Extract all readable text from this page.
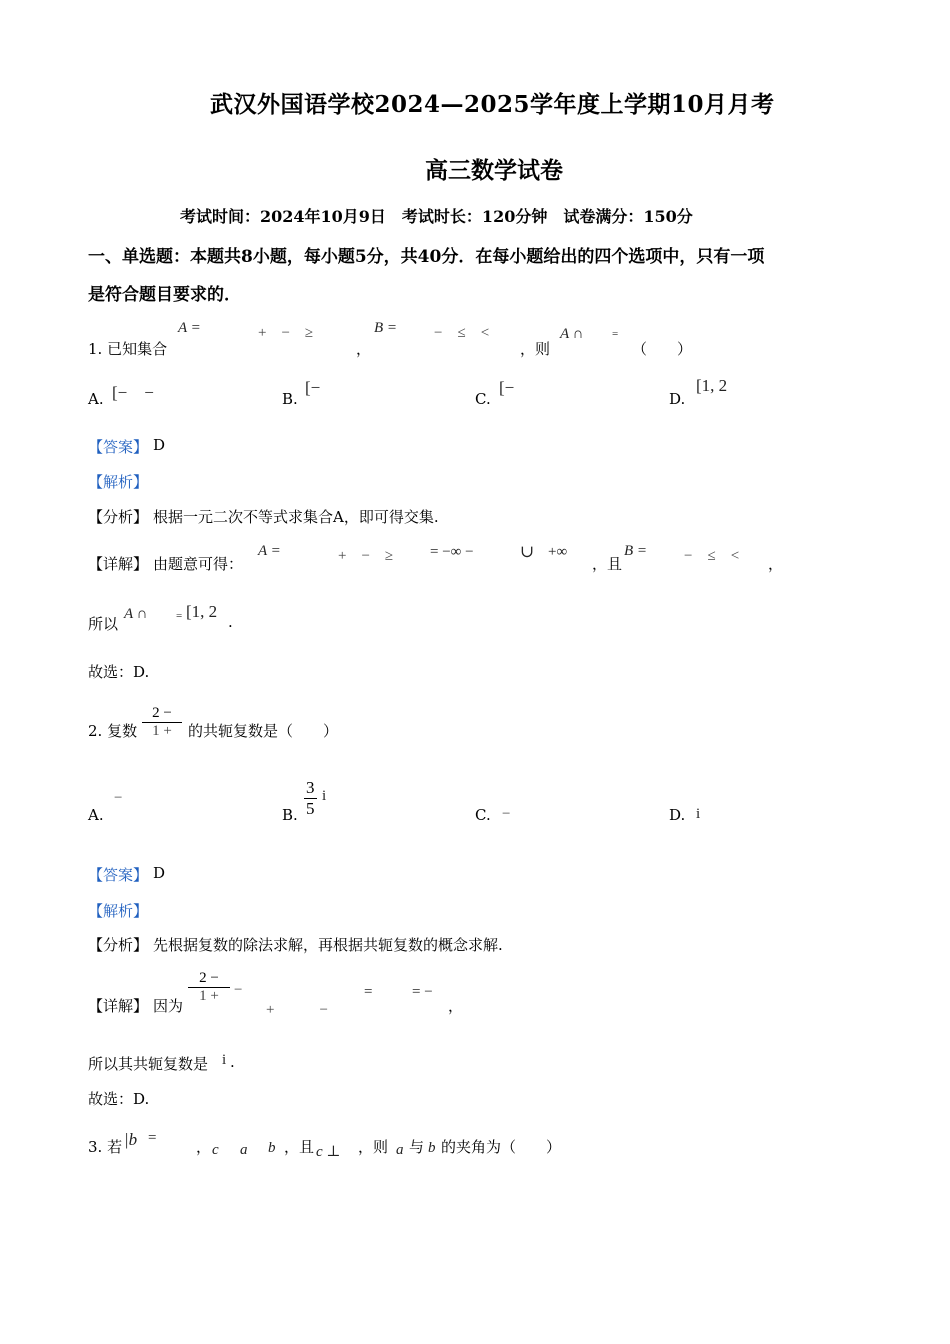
武汉外国语学校2024—2025学年度上学期10月月考
高三数学试卷
考试时间：2024年10月9日　考试时长：120分钟　试卷满分：150分
一、单选题：本题共8小题，每小题5分，共40分．在每小题给出的四个选项中，只有一项
是符合题目要求的．
1. 已知集合
A =	+　−　≥
，
B = −　≤　<
，则
A ∩	=
（　　）
A. [−　−	B.
[−
C.
[−
D.
[1, 2
【答案】 D
【解析】
【分析】 根据一元二次不等式求集合A，即可得交集.
【详解】 由题意可得：
A =	+　−　≥ = −∞ −	∪ +∞
，且
B = −　≤　< ，
所以
A ∩	= [1, 2
.
故选：D.
2. 复数 $\frac{2 -}{1 +}$ 的共轭复数是（　　）
A.
−
B. $\frac{3}{5}$ i
C. −	D. i
【答案】 D
【解析】
【分析】 先根据复数的除法求解，再根据共轭复数的概念求解.
【详解】 因为
$\frac{2 -}{1 +}$ −
+　　　−
=	= −
，
所以其共轭复数是 i .
故选：D.
3. 若 |b =	， c a b ，且 c ⊥ ，则 a 与 b 的夹角为（　　）
